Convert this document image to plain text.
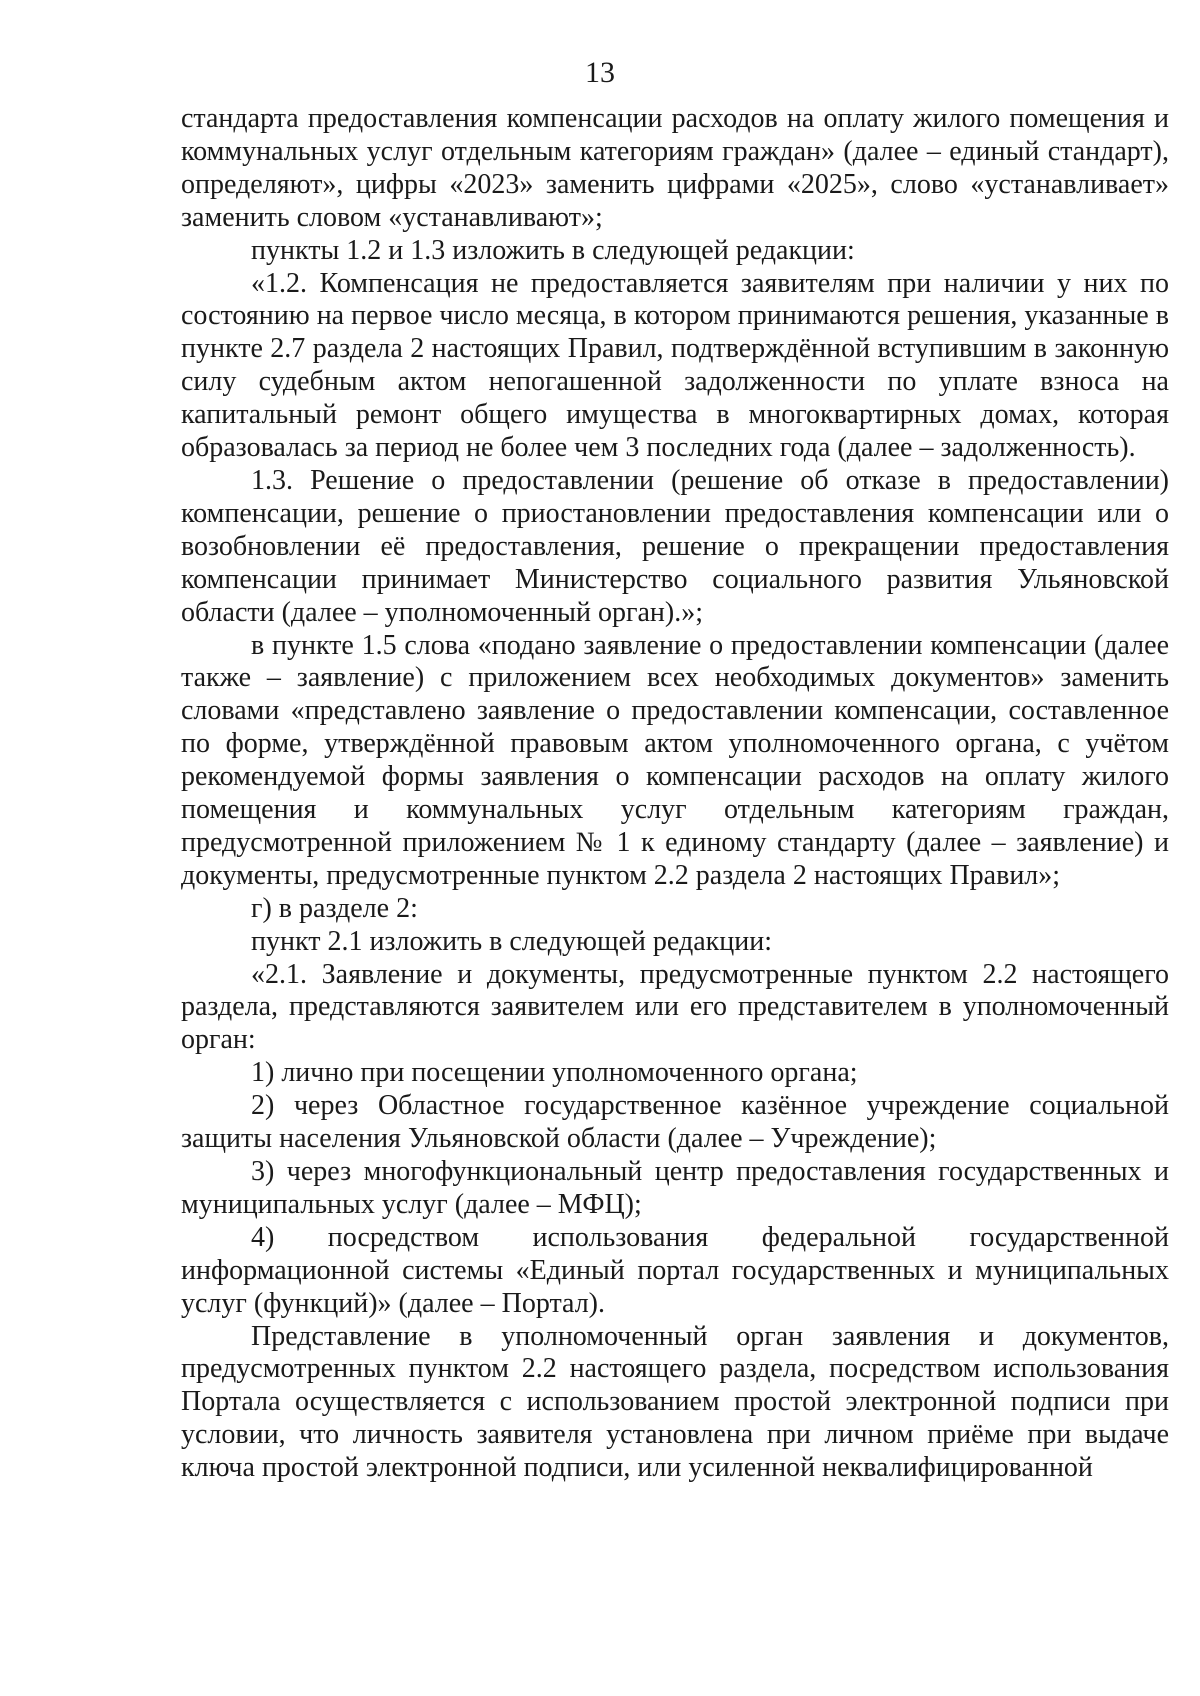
13

стандарта предоставления компенсации расходов на оплату жилого помещения и коммунальных услуг отдельным категориям граждан» (далее – единый стандарт), определяют», цифры «2023» заменить цифрами «2025», слово «устанавливает» заменить словом «устанавливают»;

пункты 1.2 и 1.3 изложить в следующей редакции:

«1.2. Компенсация не предоставляется заявителям при наличии у них по состоянию на первое число месяца, в котором принимаются решения, указанные в пункте 2.7 раздела 2 настоящих Правил, подтверждённой вступившим в законную силу судебным актом непогашенной задолженности по уплате взноса на капитальный ремонт общего имущества в многоквартирных домах, которая образовалась за период не более чем 3 последних года (далее – задолженность).

1.3. Решение о предоставлении (решение об отказе в предоставлении) компенсации, решение о приостановлении предоставления компенсации или о возобновлении её предоставления, решение о прекращении предоставления компенсации принимает Министерство социального развития Ульяновской области (далее – уполномоченный орган).»;

в пункте 1.5 слова «подано заявление о предоставлении компенсации (далее также – заявление) с приложением всех необходимых документов» заменить словами «представлено заявление о предоставлении компенсации, составленное по форме, утверждённой правовым актом уполномоченного органа, с учётом рекомендуемой формы заявления о компенсации расходов на оплату жилого помещения и коммунальных услуг отдельным категориям граждан, предусмотренной приложением № 1 к единому стандарту (далее – заявление) и документы, предусмотренные пунктом 2.2 раздела 2 настоящих Правил»;

г) в разделе 2:

пункт 2.1 изложить в следующей редакции:

«2.1. Заявление и документы, предусмотренные пунктом 2.2 настоящего раздела, представляются заявителем или его представителем в уполномоченный орган:

1) лично при посещении уполномоченного органа;

2) через Областное государственное казённое учреждение социальной защиты населения Ульяновской области (далее – Учреждение);

3) через многофункциональный центр предоставления государственных и муниципальных услуг (далее – МФЦ);

4) посредством использования федеральной государственной информационной системы «Единый портал государственных и муниципальных услуг (функций)» (далее – Портал).

Представление в уполномоченный орган заявления и документов, предусмотренных пунктом 2.2 настоящего раздела, посредством использования Портала осуществляется с использованием простой электронной подписи при условии, что личность заявителя установлена при личном приёме при выдаче ключа простой электронной подписи, или усиленной неквалифицированной
